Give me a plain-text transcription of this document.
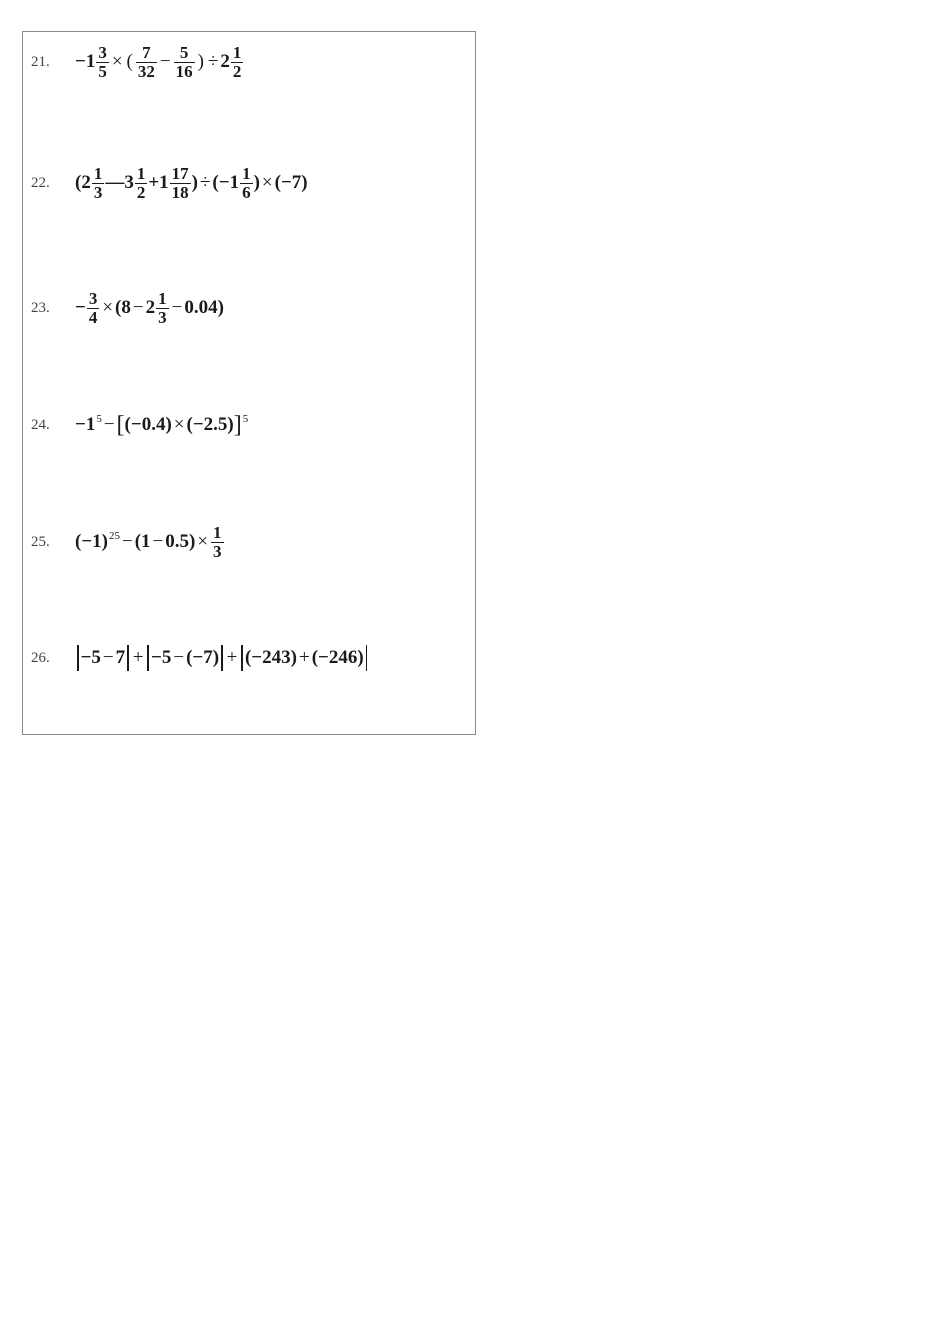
21.	$-1 \frac{3}{5}$ × ( $\frac{7}{32} - \frac{5}{16}$ ) ÷ $2 \frac{1}{2}$
22.	($2 \frac{1}{3}$ —3 $\frac{1}{2} +1 \frac{17}{18}$ ) ÷ ($-1 \frac{1}{6}$ ) × (−7)
23.	− $\frac{3}{4} \times (8 - 2 \frac{1}{3} - 0.04)$
24.	−1 5 − [ (−0.4) × (−2.5) ] 5
25.	(−1) $25 - (1 - 0.5) \times \frac{1}{3}$
26.	−5 − 7 + −5 − (−7) + (−243) + (−246)
